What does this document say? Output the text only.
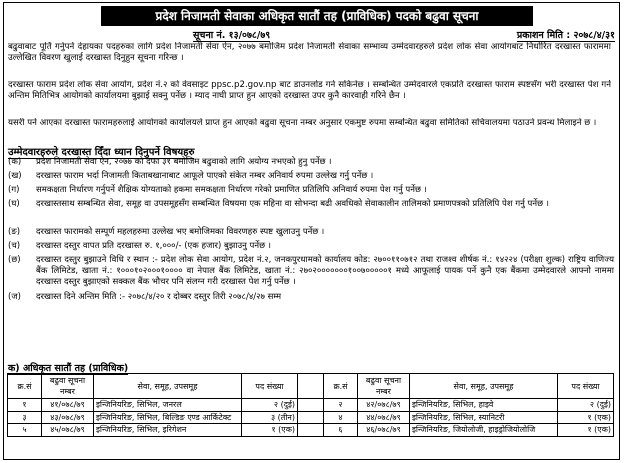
प्रदेश निजामती सेवाका अधिकृत सातौं तह (प्राविधिक) पदको बढुवा सूचना
सूचना नं. १३/०७८/७९	प्रकाशन मिति : २०७८/४/३१
बढुवाबाट पूर्ति गर्नुपर्ने देहायका पदहरुका लागि प्रदेश निजामती सेवा ऐन, २०७७ बमोजिम प्रदेश निजामती सेवाका सम्भाव्य उम्मेदवारहरुले प्रदेश लोक सेवा आयोगबाट निर्धारित दरखास्त फाराममा उल्लेखित विवरण खुलाई दरखास्त दिनुहुन सूचना गरिन्छ ।
दरखास्त फाराम प्रदेश लोक सेवा आयोग, प्रदेश नं.२ को वेवसाइट ppsc.p2.gov.np बाट डाउनलोड गर्न सकिनेछ । सम्बन्धित उम्मेदवारले एकप्रति दरखास्त फाराम स्पष्टसँग भरी दरखास्त पेश गर्ने अन्तिम मितिभित्र आयोगको कार्यालयमा बुझाई सक्नु पर्नेछ । म्याद नाघी प्राप्त हुन आएको दरखास्त उपर कुनै कारवाही गरिने छैन ।
यसरी पर्न आएका दरखास्त फारामहरुलाई आयोगको कार्यालयले प्राप्त हुन आएको बढुवा सूचना नम्बर अनुसार एकमुष्ट रुपमा सम्बन्धित बढुवा समितिको सचिवालयमा पठाउने प्रवन्ध मिलाइने छ ।
उम्मेदवारहरुले दरखास्त दिँदा ध्यान दिनुपर्ने विषयहरु
(क)	प्रदेश निजामती सेवा ऐन, २०७७ को दफा ३१ बमोजिम बढुवाको लागि अयोग्य नभएको हुनु पर्नेछ ।
(ख)	दरखास्त फाराम भर्दा निजामती किताबखानाबाट आफूले पाएको संकेत नम्बर अनिवार्य रुपमा उल्लेख गर्नु पर्नेछ ।
(ग)	समकक्षता निर्धारण गर्नुपर्ने शैक्षिक योग्यताको हकमा समकक्षता निर्धारण गरेको प्रमाणित प्रतिलिपि अनिवार्य रुपमा पेश गर्नु पर्नेछ ।
(घ)	दरखास्तसाथ सम्बन्धित सेवा, समूह वा उपसमूहसँग सम्बन्धित विषयमा एक महिना वा सोभन्दा बढी अवधिको सेवाकालीन तालिमको प्रमाणपत्रको प्रतिलिपि पेश गर्नु पर्नेछ ।
(ङ)	दरखास्त फारामको सम्पूर्ण महलहरुमा उल्लेख भए बमोजिमका विवरणहरु स्पष्ट खुलाउनु पर्नेछ ।
(च)	दरखास्त दस्तुर वापत प्रति दरखास्त रु. १,०००/- (एक हजार) बुझाउनु पर्नेछ ।
(छ)	दरखास्त दस्तुर बुझाउने विधि र स्थान :- प्रदेश लोक सेवा आयोग, प्रदेश नं.२, जनकपुरधामको कार्यालय कोड: २७००११०७१२ तथा राजश्व शीर्षक नं.: १४२२४ (परीक्षा शुल्क) राष्ट्रिय वाणिज्य बैंक लिमिटेड, खाता नं.: १०००१०२०००१०००० वा नेपाल बैंक लिमिटेड, खाता नं.: २७०२०००००००१००७०००००१ मध्ये आफूलाई पायक पर्ने कुनै एक बैंकमा उम्मेदवारले आफ्नो नाममा दरखास्त दस्तुर बुझाएको सक्कल बैंक भौचर पनि संलग्न गरी दरखास्त पेश गर्नु पर्नेछ ।
(ज)	दरखास्त दिने अन्तिम मिति :- २०७८/४/२० र दोब्बर दस्तुर तिरी २०७८/४/२७ सम्म
क) अधिकृत सातौं तह (प्राविधिक)
क्र.सं	बढुवा सूचना नम्बर	सेवा, समूह, उपसमूह	पद संख्या		क्र.सं	बढुवा सूचना नम्बर	सेवा, समूह, उपसमूह	पद संख्या
१	४१/०७८/७९	इन्जिनियरिङ, सिभिल, जनरल	२ (दुई)		२	४२/०७८/७९	इन्जिनियरिङ, सिभिल, हाइवे	२ (दुई)
३	४३/०७८/७९	इन्जिनियरिङ, सिभिल, बिल्डिङ एण्ड आर्किटेक्ट	३ (तीन)		४	४४/०७८/७९	इन्जिनियरिङ, सिभिल, स्यानिटरी	१ (एक)
५	४५/०७८/७९	इन्जिनियरिङ, सिभिल, इरिगेशन	१ (एक)		६	४६/०७८/७९	इन्जिनियरिङ, जियोलोजी, हाइड्रोजियोलोजि	१ (एक)
